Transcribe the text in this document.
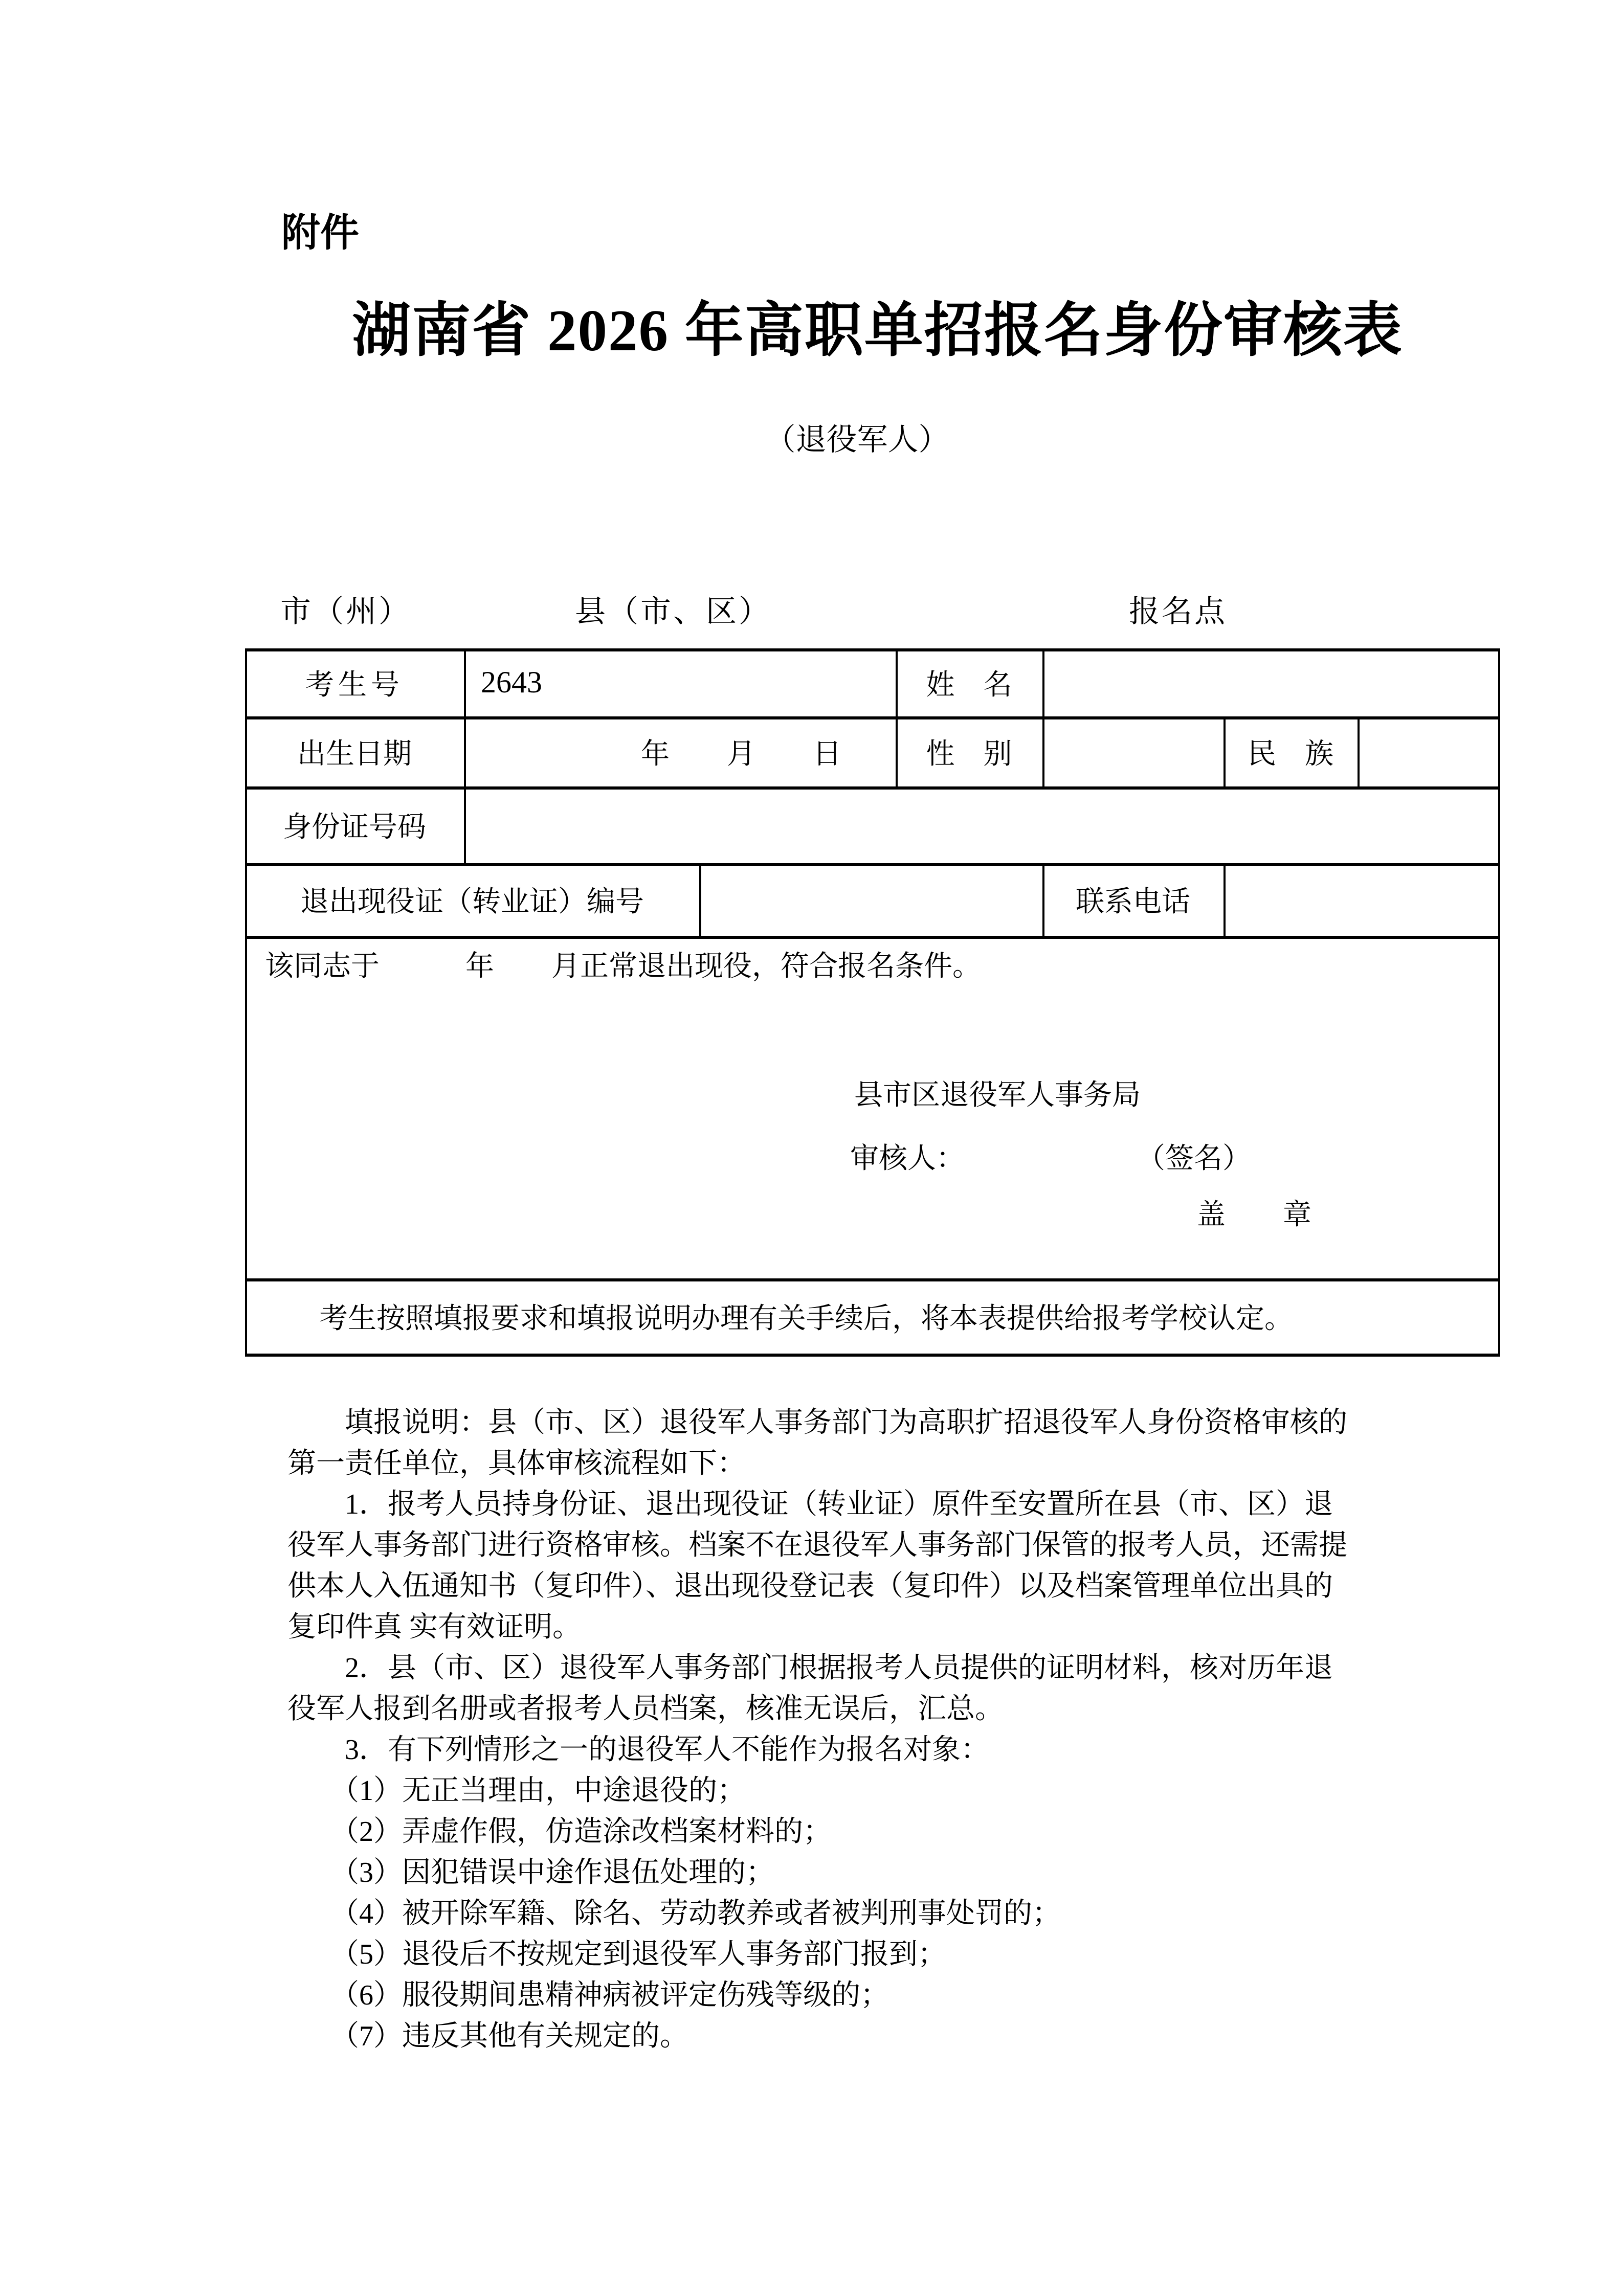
附件
湖南省 2026 年高职单招报名身份审核表
（退役军人）
市（州）	县（市、区）	报名点
考生号	2643	姓　名
出生日期	年　　月　　日	性　别	民　族
身份证号码
退出现役证（转业证）编号	联系电话
该同志于　　　年　　月正常退出现役，符合报名条件。
县市区退役军人事务局
审核人：　　　　　　　（签名）
盖　　章
考生按照填报要求和填报说明办理有关手续后，将本表提供给报考学校认定。
　　填报说明：县（市、区）退役军人事务部门为高职扩招退役军人身份资格审核的
第一责任单位，具体审核流程如下：
　　1．报考人员持身份证、退出现役证（转业证）原件至安置所在县（市、区）退
役军人事务部门进行资格审核。档案不在退役军人事务部门保管的报考人员，还需提
供本人入伍通知书（复印件）、退出现役登记表（复印件）以及档案管理单位出具的
复印件真 实有效证明。
　　2．县（市、区）退役军人事务部门根据报考人员提供的证明材料，核对历年退
役军人报到名册或者报考人员档案，核准无误后，汇总。
　　3．有下列情形之一的退役军人不能作为报名对象：
　　（1）无正当理由，中途退役的；
　　（2）弄虚作假，仿造涂改档案材料的；
　　（3）因犯错误中途作退伍处理的；
　　（4）被开除军籍、除名、劳动教养或者被判刑事处罚的；
　　（5）退役后不按规定到退役军人事务部门报到；
　　（6）服役期间患精神病被评定伤残等级的；
　　（7）违反其他有关规定的。
